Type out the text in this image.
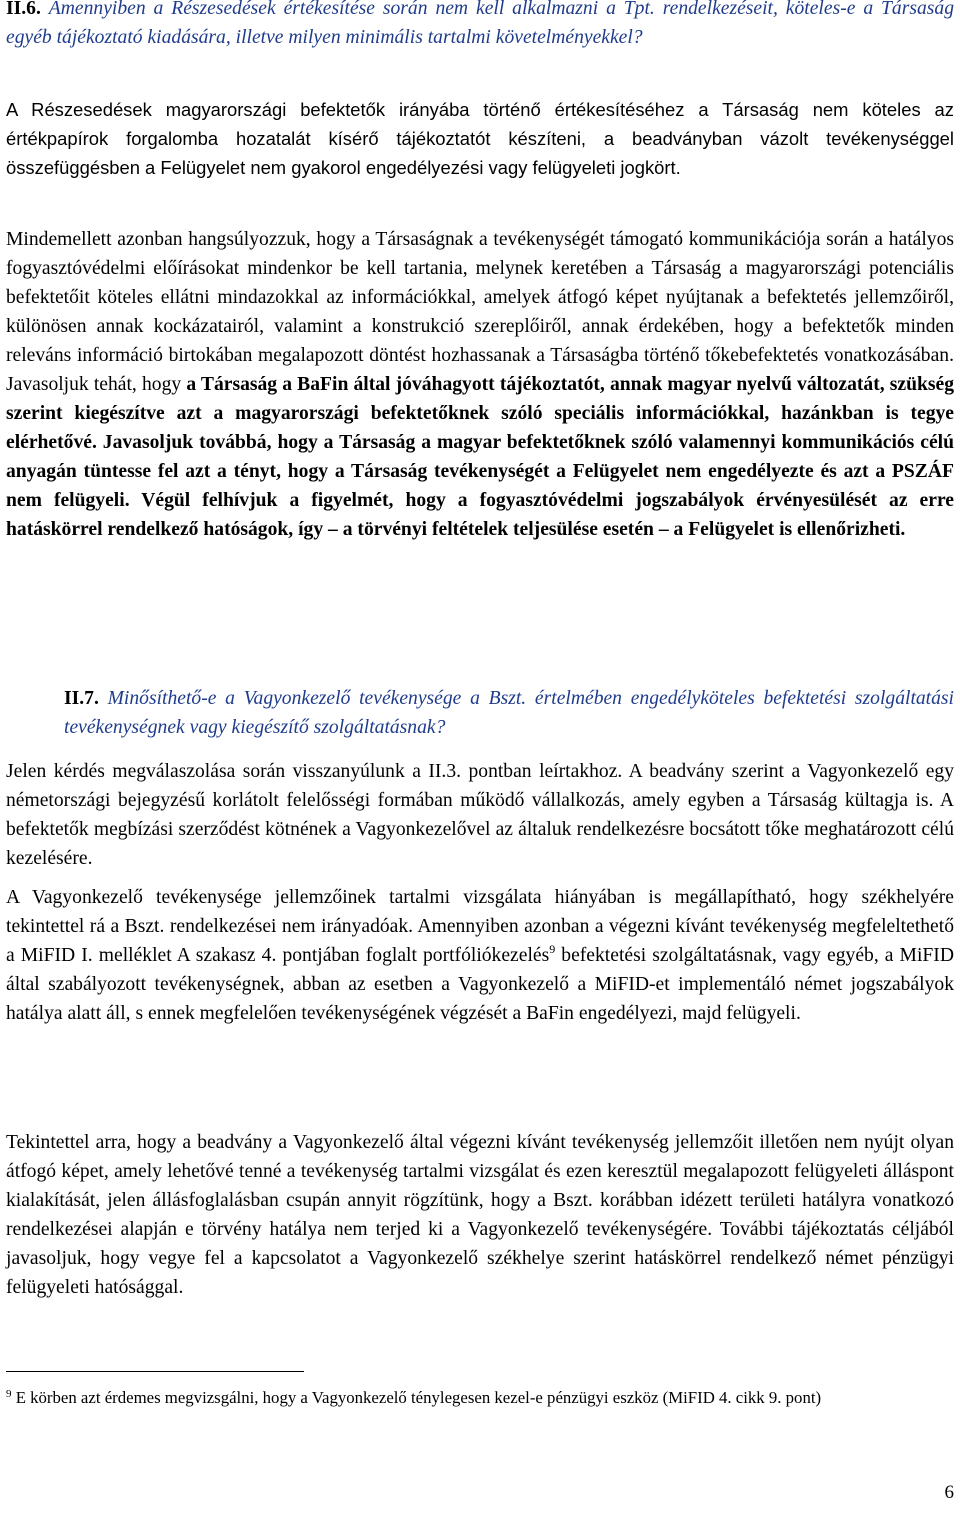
II.6. Amennyiben a Részesedések értékesítése során nem kell alkalmazni a Tpt. rendelkezéseit, köteles-e a Társaság egyéb tájékoztató kiadására, illetve milyen minimális tartalmi követelményekkel?

A Részesedések magyarországi befektetők irányába történő értékesítéséhez a Társaság nem köteles az értékpapírok forgalomba hozatalát kísérő tájékoztatót készíteni, a beadványban vázolt tevékenységgel összefüggésben a Felügyelet nem gyakorol engedélyezési vagy felügyeleti jogkört.

Mindemellett azonban hangsúlyozzuk, hogy a Társaságnak a tevékenységét támogató kommunikációja során a hatályos fogyasztóvédelmi előírásokat mindenkor be kell tartania, melynek keretében a Társaság a magyarországi potenciális befektetőit köteles ellátni mindazokkal az információkkal, amelyek átfogó képet nyújtanak a befektetés jellemzőiről, különösen annak kockázatairól, valamint a konstrukció szereplőiről, annak érdekében, hogy a befektetők minden releváns információ birtokában megalapozott döntést hozhassanak a Társaságba történő tőkebefektetés vonatkozásában. Javasoljuk tehát, hogy a Társaság a BaFin által jóváhagyott tájékoztatót, annak magyar nyelvű változatát, szükség szerint kiegészítve azt a magyarországi befektetőknek szóló speciális információkkal, hazánkban is tegye elérhetővé. Javasoljuk továbbá, hogy a Társaság a magyar befektetőknek szóló valamennyi kommunikációs célú anyagán tüntesse fel azt a tényt, hogy a Társaság tevékenységét a Felügyelet nem engedélyezte és azt a PSZÁF nem felügyeli. Végül felhívjuk a figyelmét, hogy a fogyasztóvédelmi jogszabályok érvényesülését az erre hatáskörrel rendelkező hatóságok, így – a törvényi feltételek teljesülése esetén – a Felügyelet is ellenőrizheti.

II.7. Minősíthető-e a Vagyonkezelő tevékenysége a Bszt. értelmében engedélyköteles befektetési szolgáltatási tevékenységnek vagy kiegészítő szolgáltatásnak?

Jelen kérdés megválaszolása során visszanyúlunk a II.3. pontban leírtakhoz. A beadvány szerint a Vagyonkezelő egy németországi bejegyzésű korlátolt felelősségi formában működő vállalkozás, amely egyben a Társaság kültagja is. A befektetők megbízási szerződést kötnének a Vagyonkezelővel az általuk rendelkezésre bocsátott tőke meghatározott célú kezelésére.

A Vagyonkezelő tevékenysége jellemzőinek tartalmi vizsgálata hiányában is megállapítható, hogy székhelyére tekintettel rá a Bszt. rendelkezései nem irányadóak. Amennyiben azonban a végezni kívánt tevékenység megfeleltethető a MiFID I. melléklet A szakasz 4. pontjában foglalt portfóliókezelés$^9$ befektetési szolgáltatásnak, vagy egyéb, a MiFID által szabályozott tevékenységnek, abban az esetben a Vagyonkezelő a MiFID-et implementáló német jogszabályok hatálya alatt áll, s ennek megfelelően tevékenységének végzését a BaFin engedélyezi, majd felügyeli.

Tekintettel arra, hogy a beadvány a Vagyonkezelő által végezni kívánt tevékenység jellemzőit illetően nem nyújt olyan átfogó képet, amely lehetővé tenné a tevékenység tartalmi vizsgálat és ezen keresztül megalapozott felügyeleti álláspont kialakítását, jelen állásfoglalásban csupán annyit rögzítünk, hogy a Bszt. korábban idézett területi hatályra vonatkozó rendelkezései alapján e törvény hatálya nem terjed ki a Vagyonkezelő tevékenységére. További tájékoztatás céljából javasoljuk, hogy vegye fel a kapcsolatot a Vagyonkezelő székhelye szerint hatáskörrel rendelkező német pénzügyi felügyeleti hatósággal.

$^9$ E körben azt érdemes megvizsgálni, hogy a Vagyonkezelő ténylegesen kezel-e pénzügyi eszköz (MiFID 4. cikk 9. pont)

6
